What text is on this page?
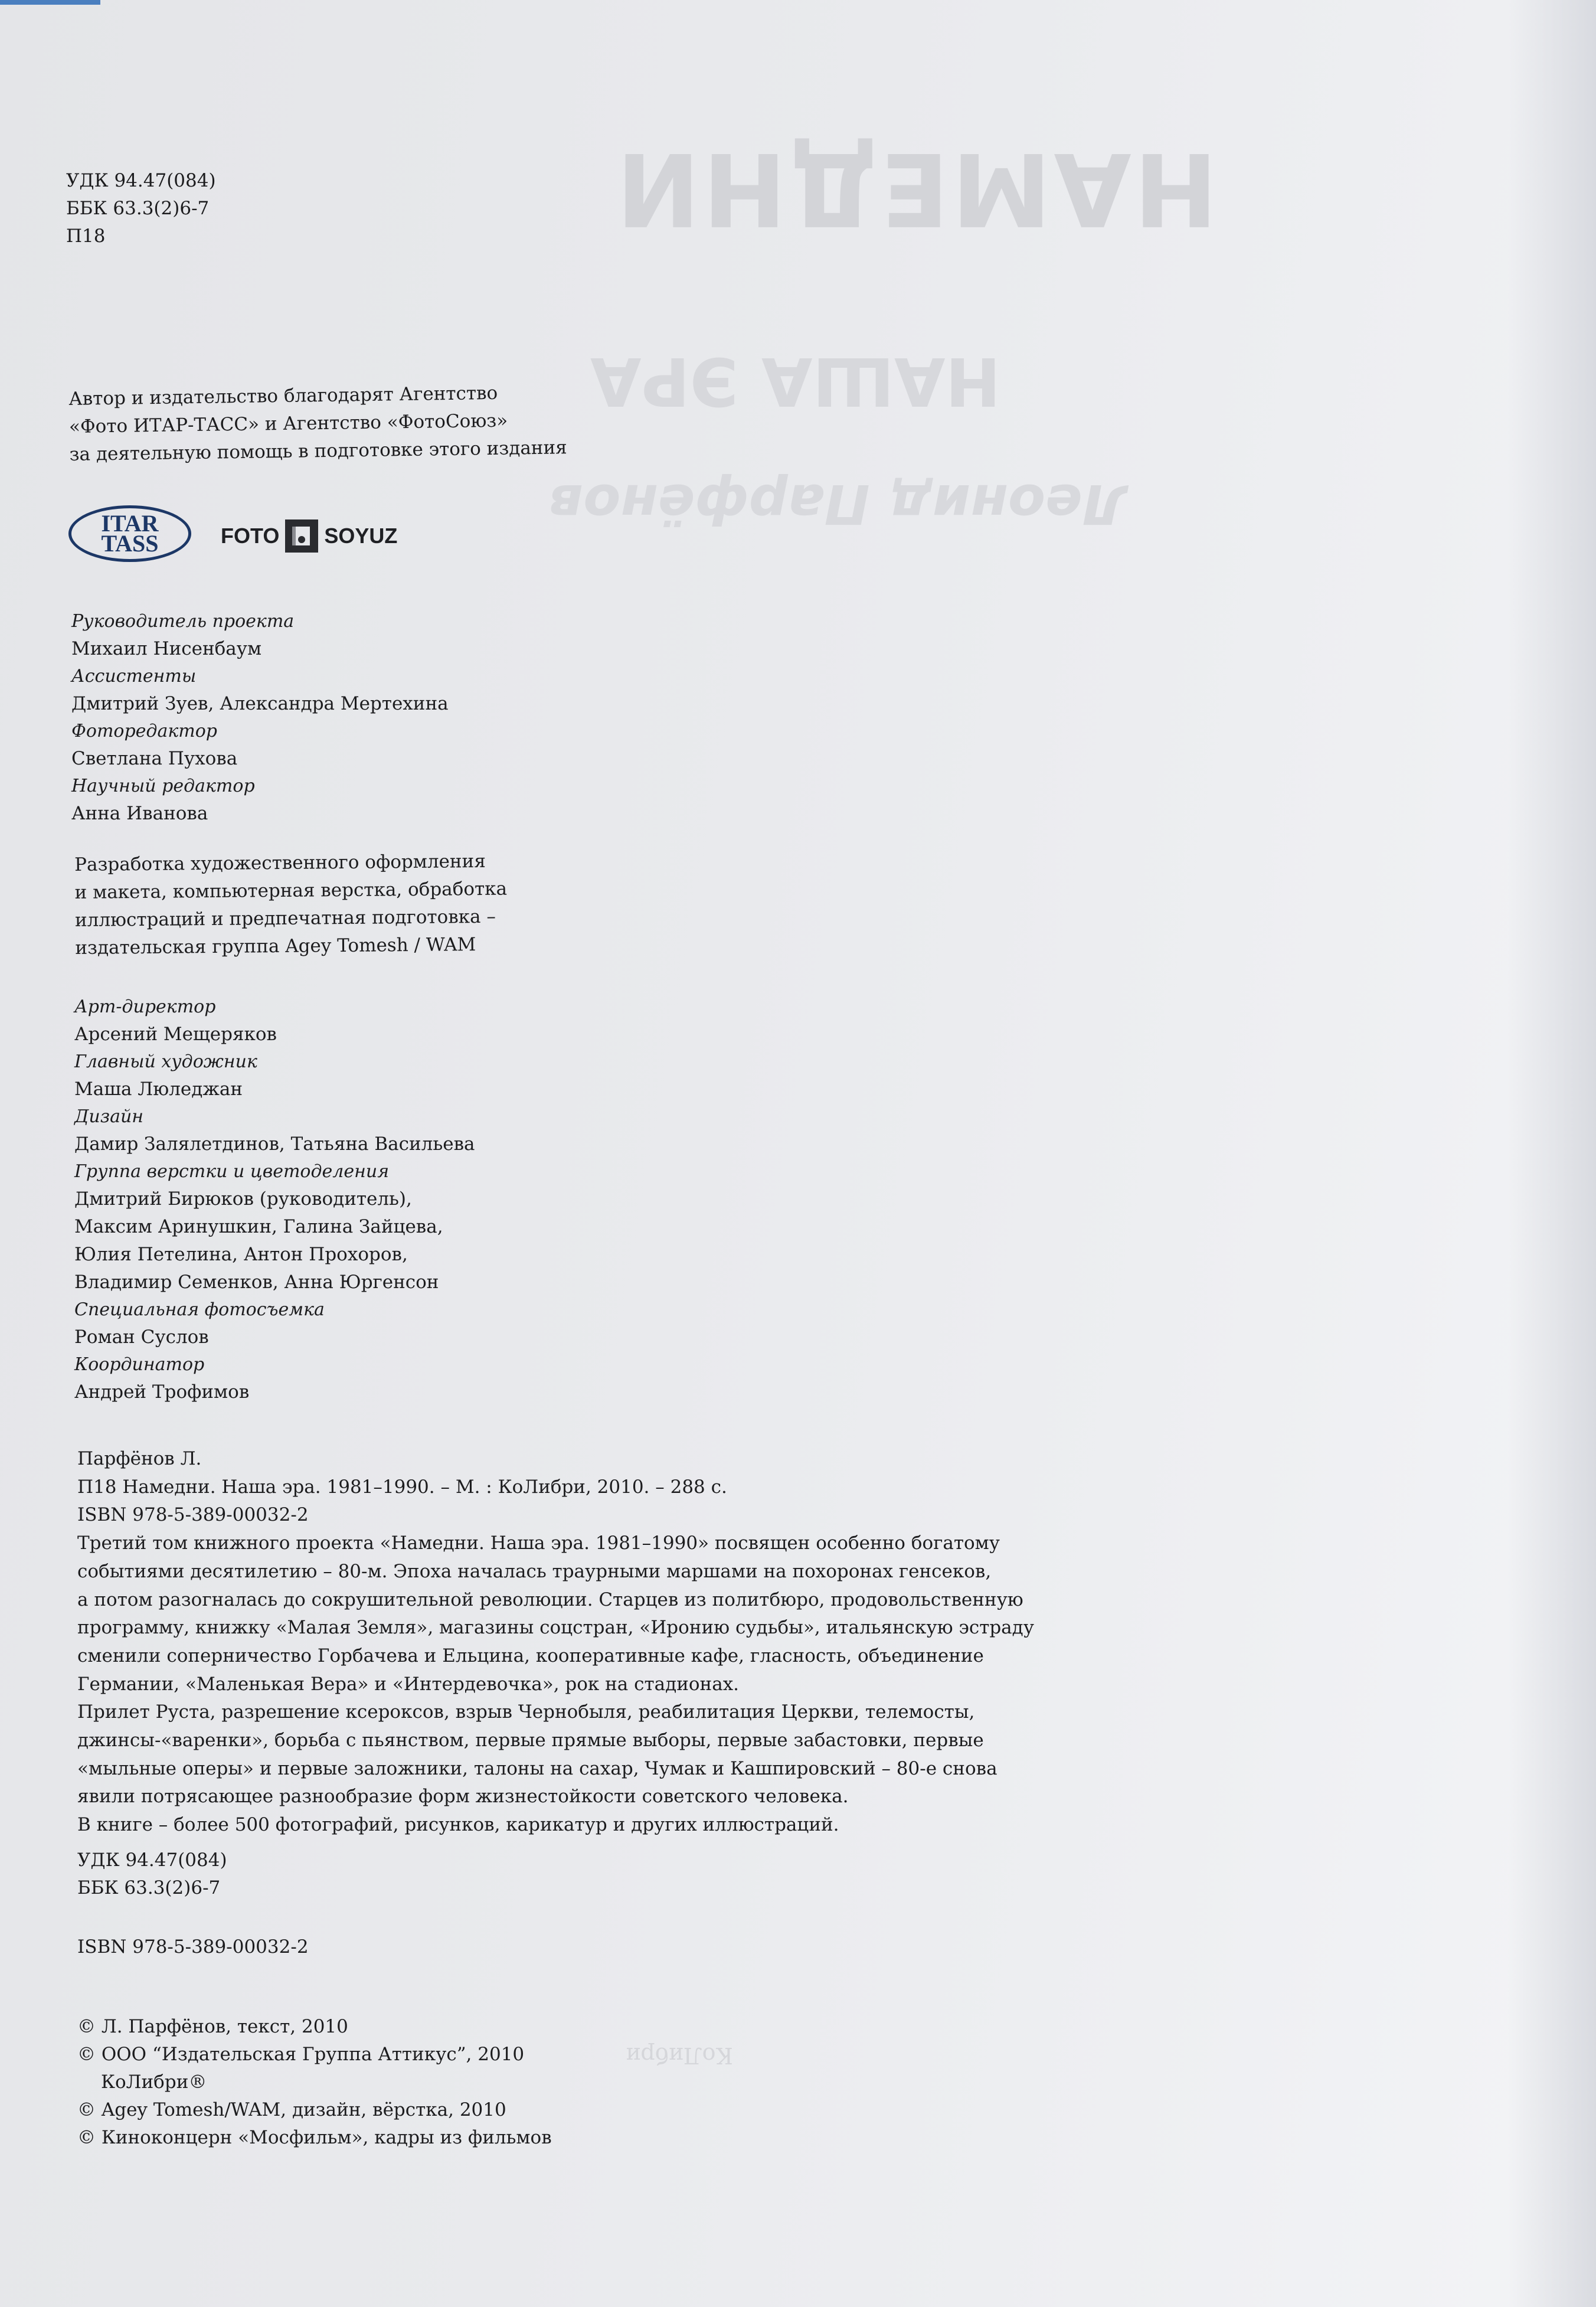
НАМЕДНИ
НАША ЭРА
Леонид Парфёнов
КоЛибри
УДК 94.47(084)
ББК 63.3(2)6-7
П18
Автор и издательство благодарят Агентство
«Фото ИТАР-ТАСС» и Агентство «ФотоСоюз»
за деятельную помощь в подготовке этого издания
ITAR
TASS	FOTO SOYUZ
Руководитель проекта
Михаил Нисенбаум
Ассистенты
Дмитрий Зуев, Александра Мертехина
Фоторедактор
Светлана Пухова
Научный редактор
Анна Иванова
Разработка художественного оформления
и макета, компьютерная верстка, обработка
иллюстраций и предпечатная подготовка –
издательская группа Agey Tomesh / WAM
Арт-директор
Арсений Мещеряков
Главный художник
Маша Люледжан
Дизайн
Дамир Залялетдинов, Татьяна Васильева
Группа верстки и цветоделения
Дмитрий Бирюков (руководитель),
Максим Аринушкин, Галина Зайцева,
Юлия Петелина, Антон Прохоров,
Владимир Семенков, Анна Юргенсон
Специальная фотосъемка
Роман Суслов
Координатор
Андрей Трофимов
Парфёнов Л.
П18 Намедни. Наша эра. 1981–1990. – М. : КоЛибри, 2010. – 288 с.
ISBN 978-5-389-00032-2
Третий том книжного проекта «Намедни. Наша эра. 1981–1990» посвящен особенно богатому
событиями десятилетию – 80-м. Эпоха началась траурными маршами на похоронах генсеков,
а потом разогналась до сокрушительной революции. Старцев из политбюро, продовольственную
программу, книжку «Малая Земля», магазины соцстран, «Иронию судьбы», итальянскую эстраду
сменили соперничество Горбачева и Ельцина, кооперативные кафе, гласность, объединение
Германии, «Маленькая Вера» и «Интердевочка», рок на стадионах.
Прилет Руста, разрешение ксероксов, взрыв Чернобыля, реабилитация Церкви, телемосты,
джинсы-«варенки», борьба с пьянством, первые прямые выборы, первые забастовки, первые
«мыльные оперы» и первые заложники, талоны на сахар, Чумак и Кашпировский – 80-е снова
явили потрясающее разнообразие форм жизнестойкости советского человека.
В книге – более 500 фотографий, рисунков, карикатур и других иллюстраций.
УДК 94.47(084)
ББК 63.3(2)6-7
ISBN 978-5-389-00032-2
© Л. Парфёнов, текст, 2010
© ООО “Издательская Группа Аттикус”, 2010
КоЛибри®
© Agey Tomesh/WAM, дизайн, вёрстка, 2010
© Киноконцерн «Мосфильм», кадры из фильмов
